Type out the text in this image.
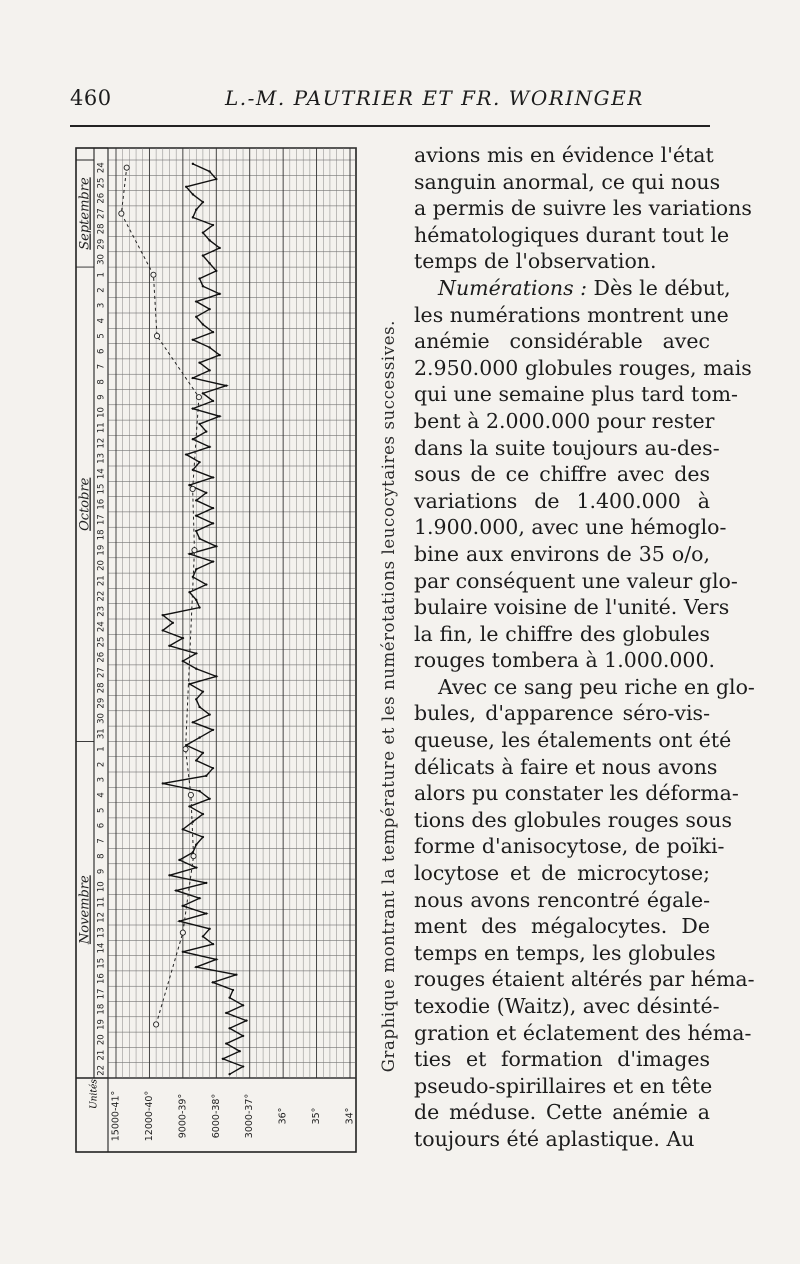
460	L.-M. PAUTRIER ET FR. WORINGER
24
25
26
27
28
29
30
1
2
3
4
5
6
7
8
9
10
11
12
13
14
15
16
17
18
19
20
21
22
23
24
25
26
27
28
29
30
31
1
2
3
4
5
6
7
8
9
10
11
12
13
14
15
16
17
18
19
20
21
22
Septembre
Octobre
Novembre
Unités 15000-41° 12000-40° 9000-39° 6000-38° 3000-37° 36° 35° 34°
Graphique montrant la température et les numérotations leucocytaires successives.
avions mis en évidence l'état
sanguin anormal, ce qui nous
a permis de suivre les variations
hématologiques durant tout le
temps de l'observation.
Numérations : Dès le début,
les numérations montrent une
anémie considérable avec
2.950.000 globules rouges, mais
qui une semaine plus tard tom-
bent à 2.000.000 pour rester
dans la suite toujours au-des-
sous de ce chiffre avec des
variations de 1.400.000 à
1.900.000, avec une hémoglo-
bine aux environs de 35 o/o,
par conséquent une valeur glo-
bulaire voisine de l'unité. Vers
la fin, le chiffre des globules
rouges tombera à 1.000.000.
Avec ce sang peu riche en glo-
bules, d'apparence séro-vis-
queuse, les étalements ont été
délicats à faire et nous avons
alors pu constater les déforma-
tions des globules rouges sous
forme d'anisocytose, de poïki-
locytose et de microcytose;
nous avons rencontré égale-
ment des mégalocytes. De
temps en temps, les globules
rouges étaient altérés par héma-
texodie (Waitz), avec désinté-
gration et éclatement des héma-
ties et formation d'images
pseudo-spirillaires et en tête
de méduse. Cette anémie a
toujours été aplastique. Au
